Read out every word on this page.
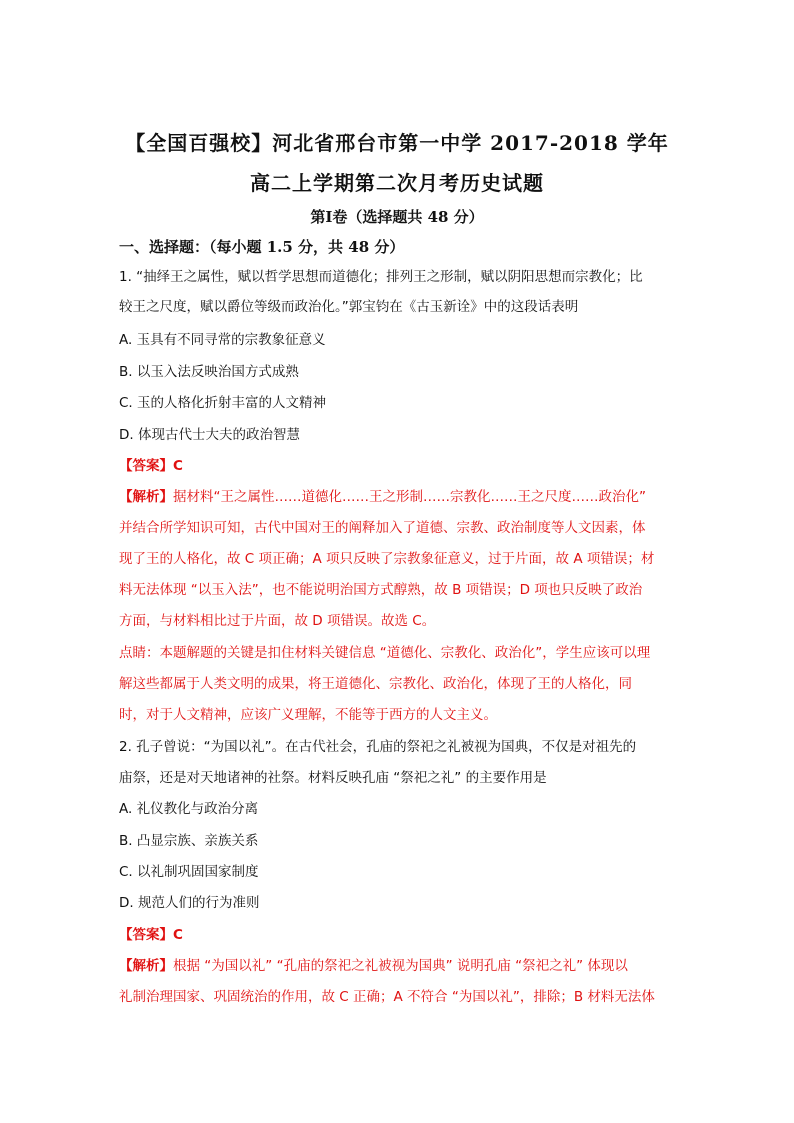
【全国百强校】河北省邢台市第一中学 2017-2018 学年
高二上学期第二次月考历史试题
第Ⅰ卷（选择题共 48 分）
一、选择题：（每小题 1.5 分，共 48 分）
1. “抽绎王之属性，赋以哲学思想而道德化；排列王之形制，赋以阴阳思想而宗教化；比
较王之尺度，赋以爵位等级而政治化。”郭宝钧在《古玉新诠》中的这段话表明
A. 玉具有不同寻常的宗教象征意义
B. 以玉入法反映治国方式成熟
C. 玉的人格化折射丰富的人文精神
D. 体现古代士大夫的政治智慧
【答案】C
【解析】据材料“王之属性……道德化……王之形制……宗教化……王之尺度……政治化”
并结合所学知识可知，古代中国对王的阐释加入了道德、宗教、政治制度等人文因素，体
现了王的人格化，故 C 项正确；A 项只反映了宗教象征意义，过于片面，故 A 项错误；材
料无法体现 “以玉入法”，也不能说明治国方式醇熟，故 B 项错误；D 项也只反映了政治
方面，与材料相比过于片面，故 D 项错误。故选 C。
点睛：本题解题的关键是扣住材料关键信息 “道德化、宗教化、政治化”，学生应该可以理
解这些都属于人类文明的成果，将王道德化、宗教化、政治化，体现了王的人格化，同
时，对于人文精神，应该广义理解，不能等于西方的人文主义。
2. 孔子曾说：“为国以礼”。在古代社会，孔庙的祭祀之礼被视为国典，不仅是对祖先的
庙祭，还是对天地诸神的社祭。材料反映孔庙 “祭祀之礼” 的主要作用是
A. 礼仪教化与政治分离
B. 凸显宗族、亲族关系
C. 以礼制巩固国家制度
D. 规范人们的行为准则
【答案】C
【解析】根据 “为国以礼” “孔庙的祭祀之礼被视为国典” 说明孔庙 “祭祀之礼” 体现以
礼制治理国家、巩固统治的作用，故 C 正确；A 不符合 “为国以礼”，排除；B 材料无法体
